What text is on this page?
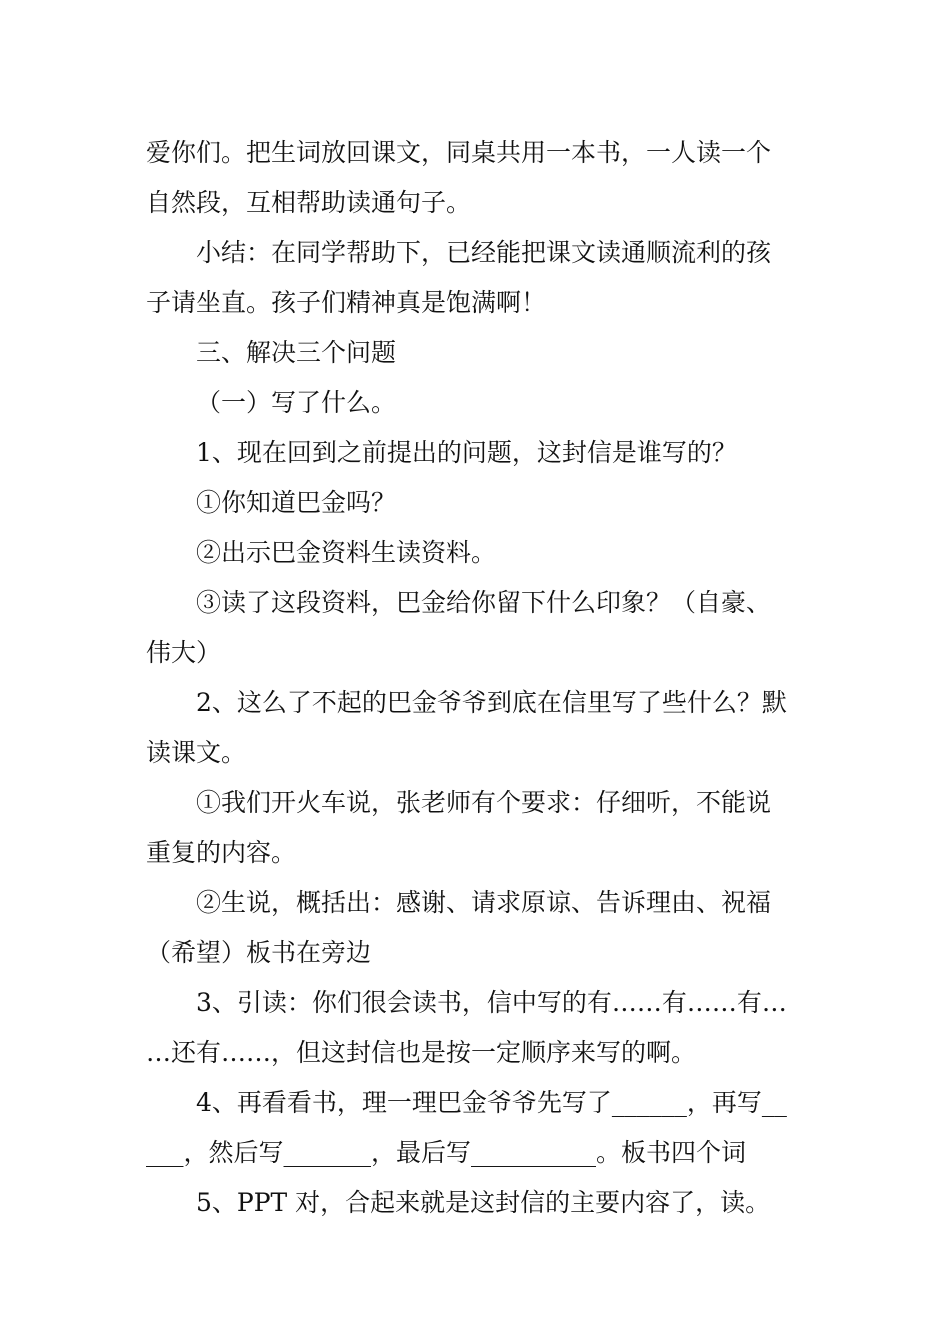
爱你们。把生词放回课文，同桌共用一本书，一人读一个
自然段，互相帮助读通句子。

小结：在同学帮助下，已经能把课文读通顺流利的孩
子请坐直。孩子们精神真是饱满啊！

三、解决三个问题

（一）写了什么。

1、现在回到之前提出的问题，这封信是谁写的？

①你知道巴金吗？

②出示巴金资料生读资料。

③读了这段资料，巴金给你留下什么印象？（自豪、
伟大）

2、这么了不起的巴金爷爷到底在信里写了些什么？默
读课文。

①我们开火车说，张老师有个要求：仔细听，不能说
重复的内容。

②生说，概括出：感谢、请求原谅、告诉理由、祝福
（希望）板书在旁边

3、引读：你们很会读书，信中写的有……有……有…
…还有……，但这封信也是按一定顺序来写的啊。

4、再看看书，理一理巴金爷爷先写了______，再写__
___，然后写_______，最后写__________。板书四个词

5、PPT 对，合起来就是这封信的主要内容了，读。
